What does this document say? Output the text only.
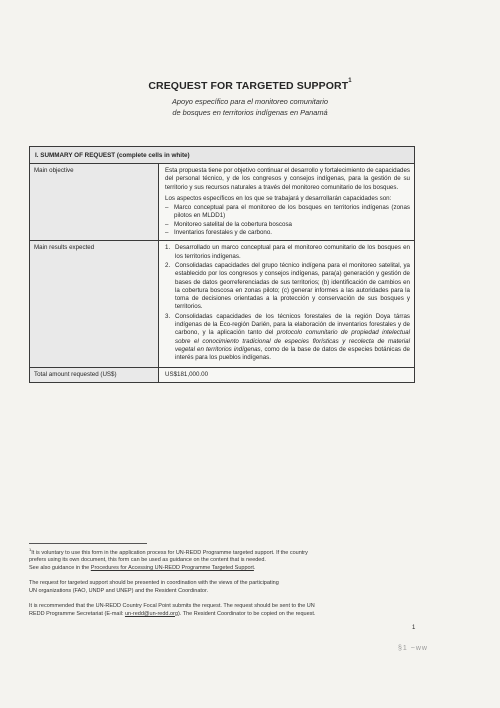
CREQUEST FOR TARGETED SUPPORT$^1$
Apoyo específico para el monitoreo comunitario
de bosques en territorios indígenas en Panamá
I. SUMMARY OF REQUEST (complete cells in white)
Main objective	Esta propuesta tiene por objetivo continuar el desarrollo y fortalecimiento de capacidades del personal técnico, y de los congresos y consejos indígenas, para la gestión de su territorio y sus recursos naturales a través del monitoreo comunitario de los bosques.

Los aspectos específicos en los que se trabajará y desarrollarán capacidades son:

– Marco conceptual para el monitoreo de los bosques en territorios indígenas (zonas pilotos en MLDD1)
– Monitoreo satelital de la cobertura boscosa
– Inventarios forestales y de carbono.
Main results expected	1. Desarrollado un marco conceptual para el monitoreo comunitario de los bosques en los territorios indígenas.
2. Consolidadas capacidades del grupo técnico indígena para el monitoreo satelital, ya establecido por los congresos y consejos indígenas, para(a) generación y gestión de bases de datos georreferenciadas de sus territorios; (b) identificación de cambios en la cobertura boscosa en zonas piloto; (c) generar informes a las autoridades para la toma de decisiones orientadas a la protección y conservación de sus bosques y territorios.
3. Consolidadas capacidades de los técnicos forestales de la región Doya tárras indígenas de la Eco-región Darién, para la elaboración de inventarios forestales y de carbono, y la aplicación tanto del protocolo comunitario de propiedad intelectual sobre el conocimiento tradicional de especies florísticas y recolecta de material vegetal en territorios indígenas, como de la base de datos de especies botánicas de interés para los pueblos indígenas.
Total amount requested (US$)	US$181,000.00
$^1$It is voluntary to use this form in the application process for UN-REDD Programme targeted support. If the country
prefers using its own document, this form can be used as guidance on the content that is needed.
See also guidance in the Procedures for Accessing UN-REDD Programme Targeted Support.
The request for targeted support should be presented in coordination with the views of the participating
UN organizations (FAO, UNDP and UNEP) and the Resident Coordinator.
It is recommended that the UN-REDD Country Focal Point submits the request. The request should be sent to the UN
REDD Programme Secretariat (E-mail: un-redd@un-redd.org). The Resident Coordinator to be copied on the request.
1
§1 ~ww
